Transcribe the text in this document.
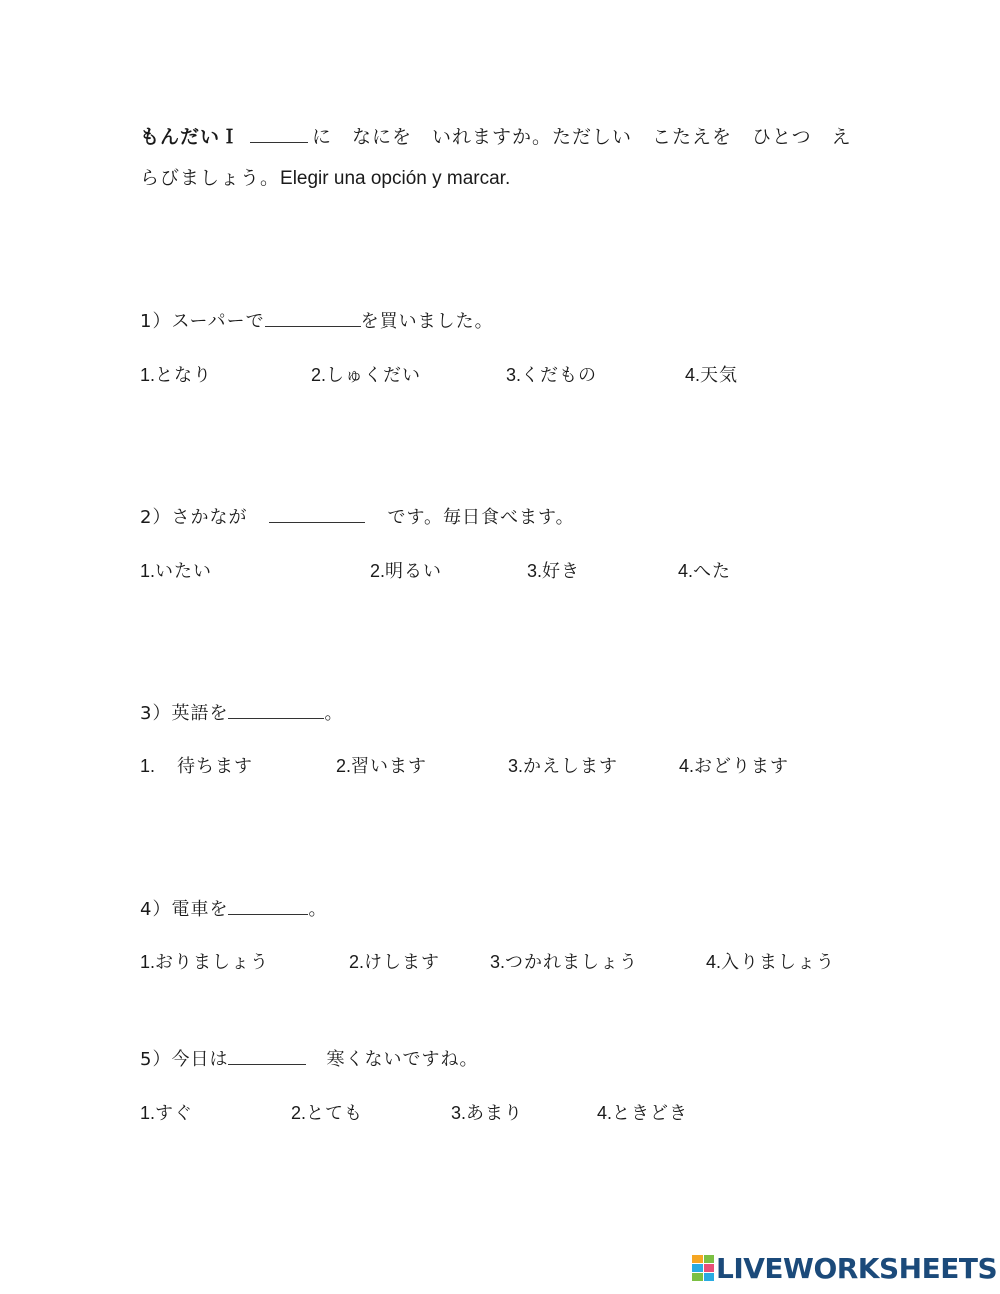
もんだいＩ	に　なにを　いれますか。ただしい　こたえを　ひとつ　え
らびましょう。Elegir una opción y marcar.
1）スーパーで	を買いました。
1.となり	2.しゅくだい	3.くだもの	4.天気
2）さかなが	です。毎日食べます。
1.いたい	2.明るい	3.好き	4.へた
3）英語を	。
1. 待ちます	2.習います	3.かえします	4.おどります
4）電車を	。
1.おりましょう	2.けします	3.つかれましょう	4.入りましょう
5）今日は	寒くないですね。
1.すぐ	2.とても	3.あまり	4.ときどき
LIVEWORKSHEETS
